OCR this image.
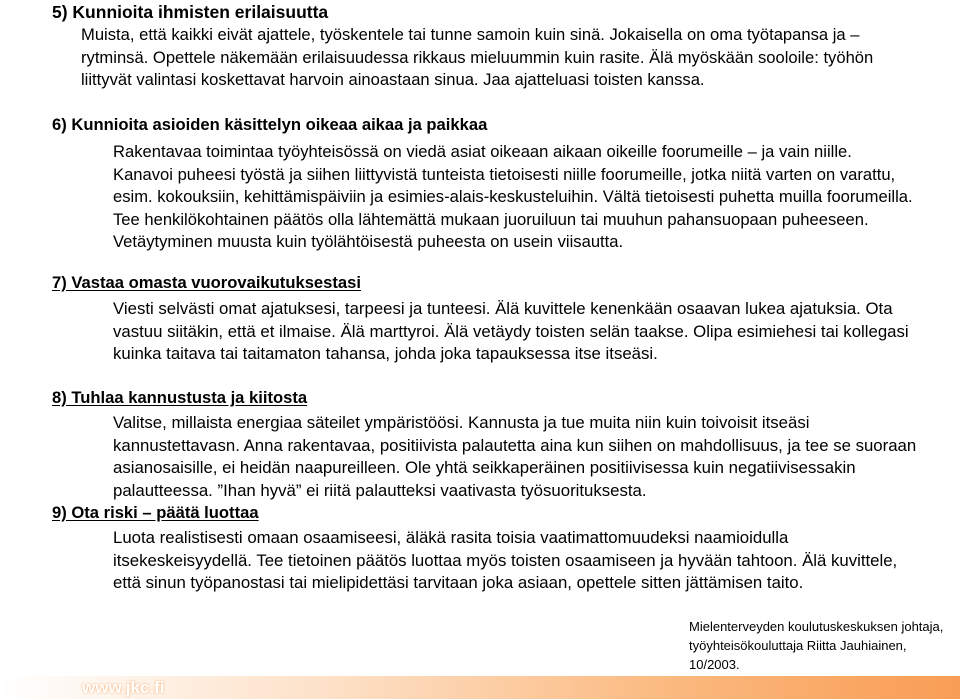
5) Kunnioita ihmisten erilaisuutta

Muista, että kaikki eivät ajattele, työskentele tai tunne samoin kuin sinä. Jokaisella on oma työtapansa ja –rytminsä. Opettele näkemään erilaisuudessa rikkaus mieluummin kuin rasite. Älä myöskään sooloile: työhön liittyvät valintasi koskettavat harvoin ainoastaan sinua. Jaa ajatteluasi toisten kanssa.

6) Kunnioita asioiden käsittelyn oikeaa aikaa ja paikkaa

Rakentavaa toimintaa työyhteisössä on viedä asiat oikeaan aikaan oikeille foorumeille – ja vain niille. Kanavoi puheesi työstä ja siihen liittyvistä tunteista tietoisesti niille foorumeille, jotka niitä varten on varattu, esim. kokouksiin, kehittämispäiviin ja esimies-alais-keskusteluihin. Vältä tietoisesti puhetta muilla foorumeilla. Tee henkilökohtainen päätös olla lähtemättä mukaan juoruiluun tai muuhun pahansuopaan puheeseen. Vetäytyminen muusta kuin työlähtöisestä puheesta on usein viisautta.

7) Vastaa omasta vuorovaikutuksestasi

Viesti selvästi omat ajatuksesi, tarpeesi ja tunteesi. Älä kuvittele kenenkään osaavan lukea ajatuksia. Ota vastuu siitäkin, että et ilmaise. Älä marttyroi. Älä vetäydy toisten selän taakse. Olipa esimiehesi tai kollegasi kuinka taitava tai taitamaton tahansa, johda joka tapauksessa itse itseäsi.

8) Tuhlaa kannustusta ja kiitosta

Valitse, millaista energiaa säteilet ympäristöösi. Kannusta ja tue muita niin kuin toivoisit itseäsi kannustettavasn. Anna rakentavaa, positiivista palautetta aina kun siihen on mahdollisuus, ja tee se suoraan asianosaisille, ei heidän naapureilleen. Ole yhtä seikkaperäinen positiivisessa kuin negatiivisessakin palautteessa. ”Ihan hyvä” ei riitä palautteksi vaativasta työsuorituksesta.

9) Ota riski – päätä luottaa

Luota realistisesti omaan osaamiseesi, äläkä rasita toisia vaatimattomuudeksi naamioidulla itsekeskeisyydellä. Tee tietoinen päätös luottaa myös toisten osaamiseen ja hyvään tahtoon. Älä kuvittele, että sinun työpanostasi tai mielipidettäsi tarvitaan joka asiaan, opettele sitten jättämisen taito.

Mielenterveyden koulutuskeskuksen johtaja, työyhteisökouluttaja Riitta Jauhiainen, 10/2003.

www.jkc.fi
